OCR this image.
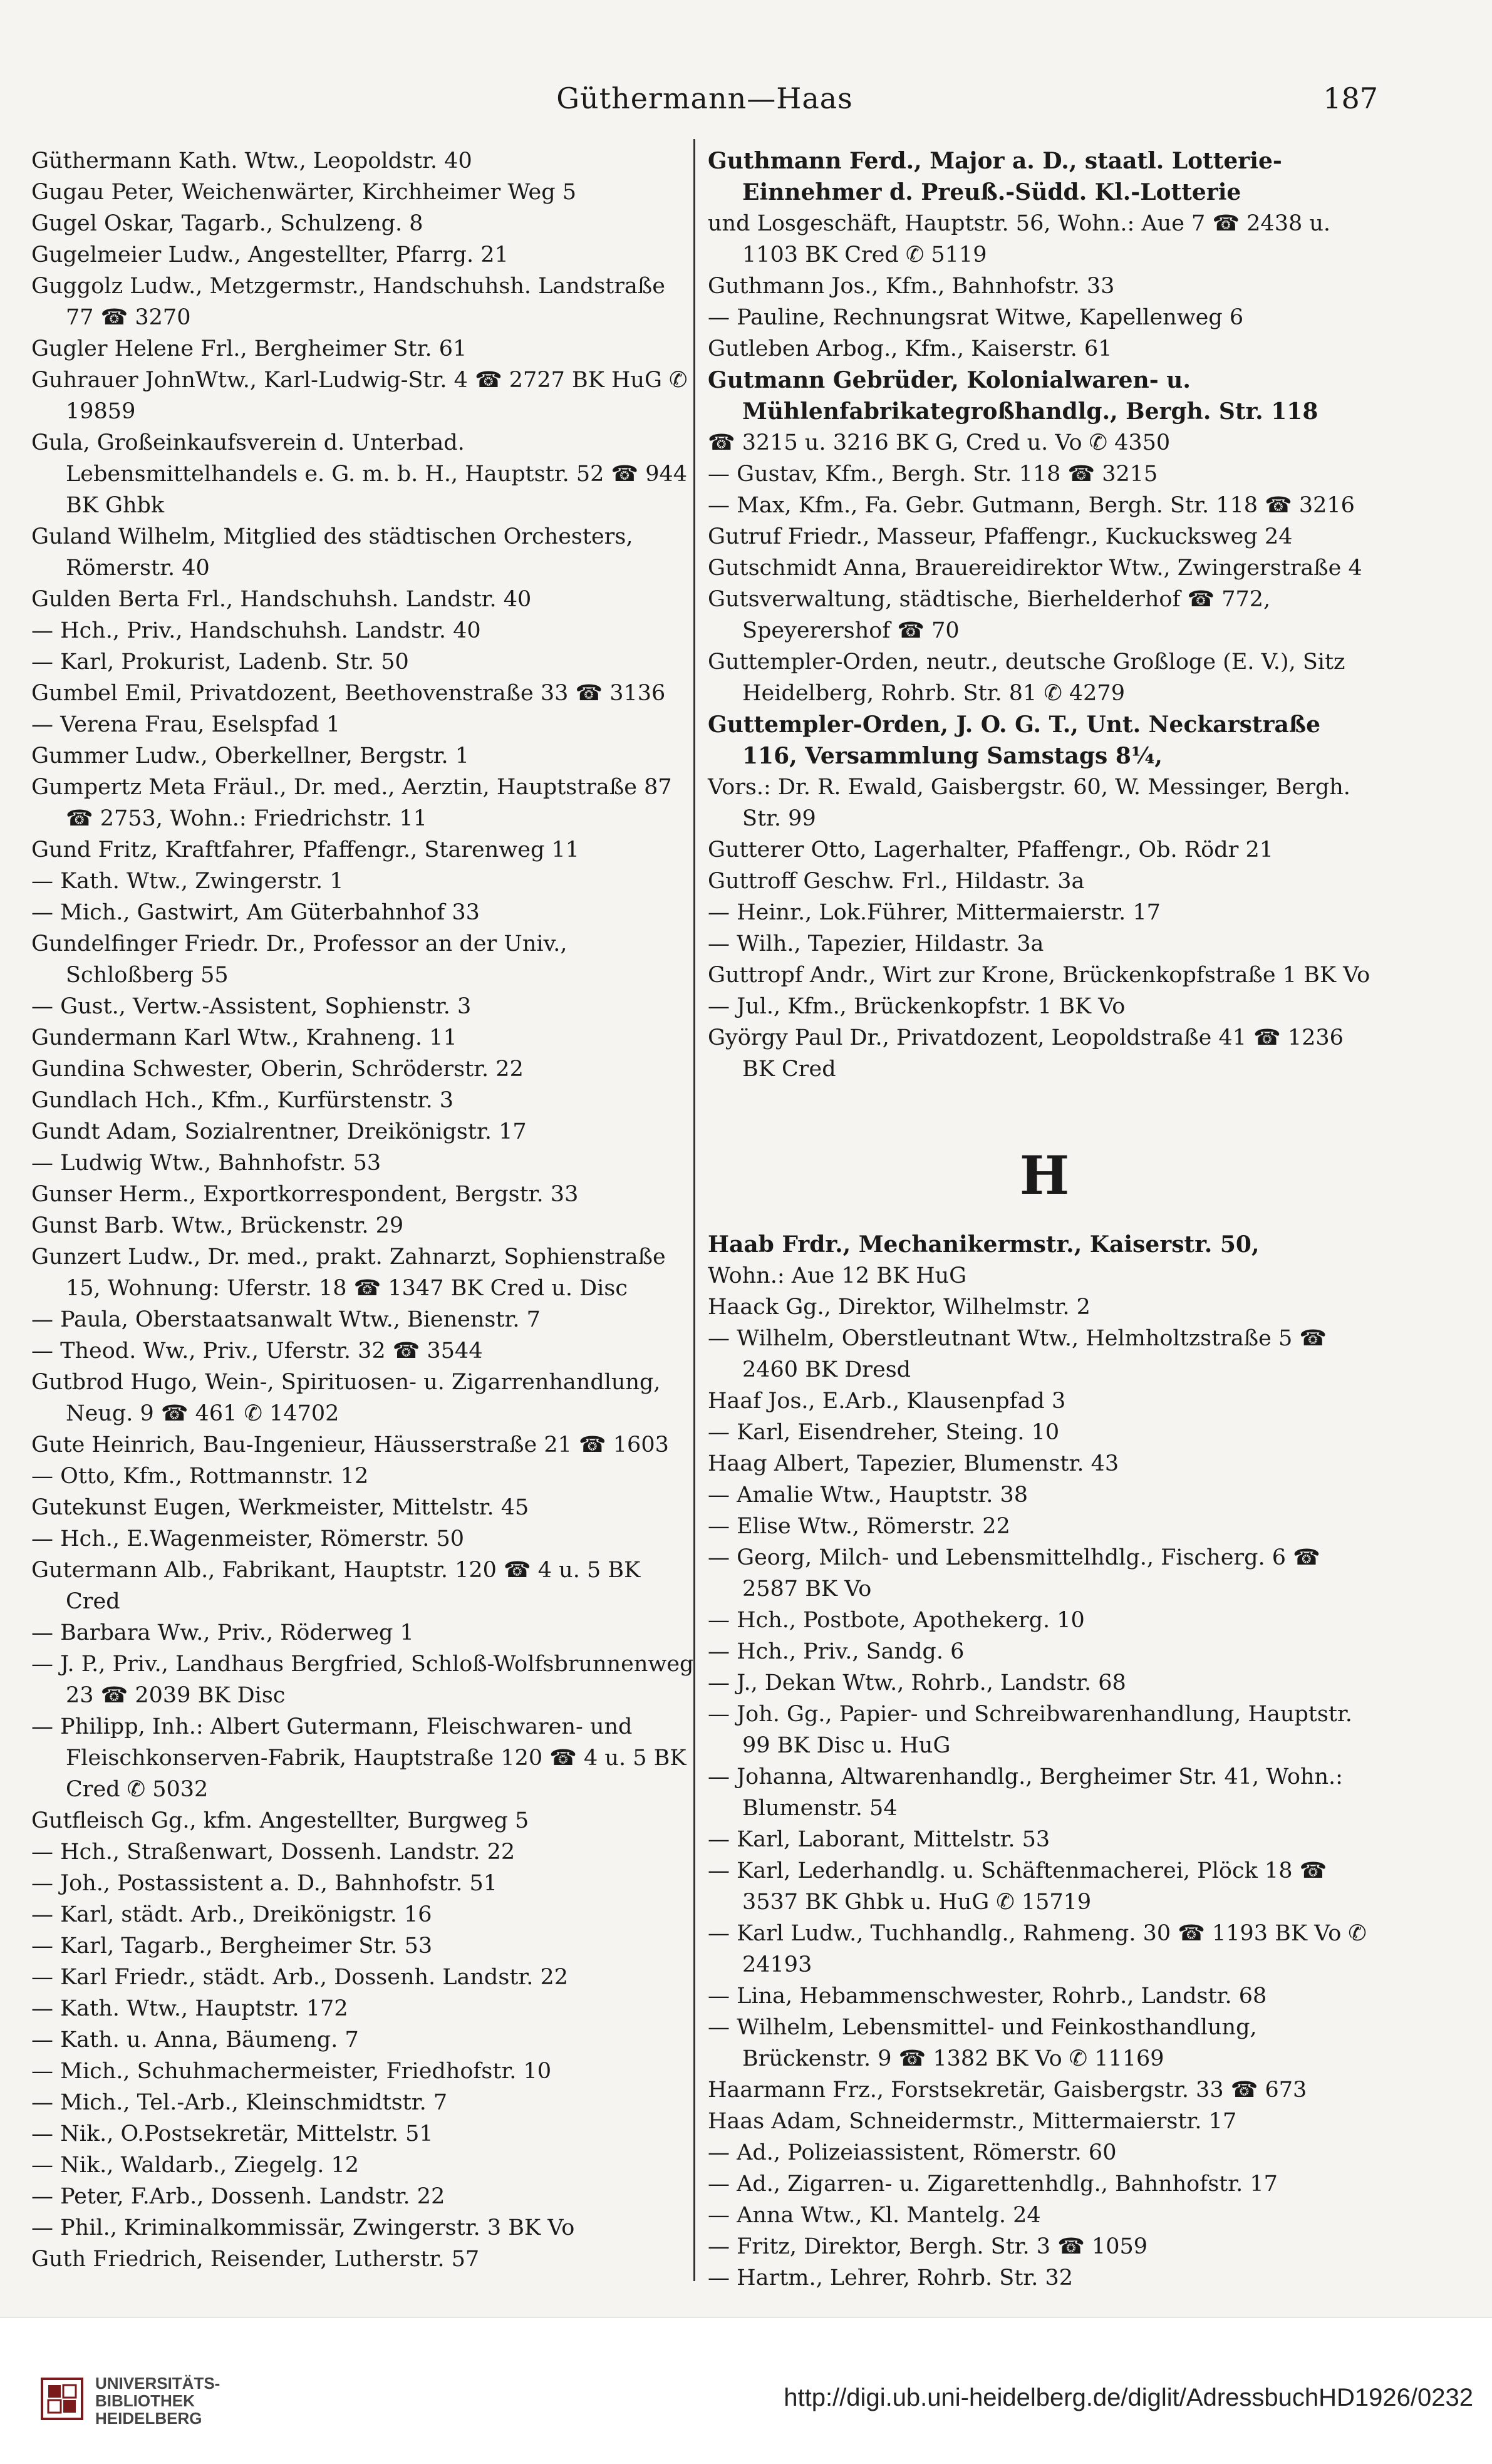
Güthermann—Haas	187
Güthermann Kath. Wtw., Leopoldstr. 40
Gugau Peter, Weichenwärter, Kirchheimer Weg 5
Gugel Oskar, Tagarb., Schulzeng. 8
Gugelmeier Ludw., Angestellter, Pfarrg. 21
Guggolz Ludw., Metzgermstr., Handschuhsh. Landstraße 77 ☎ 3270
Gugler Helene Frl., Bergheimer Str. 61
Guhrauer JohnWtw., Karl-Ludwig-Str. 4 ☎ 2727 BK HuG ✆ 19859
Gula, Großeinkaufsverein d. Unterbad. Lebensmittelhandels e. G. m. b. H., Hauptstr. 52 ☎ 944 BK Ghbk
Guland Wilhelm, Mitglied des städtischen Orchesters, Römerstr. 40
Gulden Berta Frl., Handschuhsh. Landstr. 40
— Hch., Priv., Handschuhsh. Landstr. 40
— Karl, Prokurist, Ladenb. Str. 50
Gumbel Emil, Privatdozent, Beethovenstraße 33 ☎ 3136
— Verena Frau, Eselspfad 1
Gummer Ludw., Oberkellner, Bergstr. 1
Gumpertz Meta Fräul., Dr. med., Aerztin, Hauptstraße 87 ☎ 2753, Wohn.: Friedrichstr. 11
Gund Fritz, Kraftfahrer, Pfaffengr., Starenweg 11
— Kath. Wtw., Zwingerstr. 1
— Mich., Gastwirt, Am Güterbahnhof 33
Gundelfinger Friedr. Dr., Professor an der Univ., Schloßberg 55
— Gust., Vertw.-Assistent, Sophienstr. 3
Gundermann Karl Wtw., Krahneng. 11
Gundina Schwester, Oberin, Schröderstr. 22
Gundlach Hch., Kfm., Kurfürstenstr. 3
Gundt Adam, Sozialrentner, Dreikönigstr. 17
— Ludwig Wtw., Bahnhofstr. 53
Gunser Herm., Exportkorrespondent, Bergstr. 33
Gunst Barb. Wtw., Brückenstr. 29
Gunzert Ludw., Dr. med., prakt. Zahnarzt, Sophienstraße 15, Wohnung: Uferstr. 18 ☎ 1347 BK Cred u. Disc
— Paula, Oberstaatsanwalt Wtw., Bienenstr. 7
— Theod. Ww., Priv., Uferstr. 32 ☎ 3544
Gutbrod Hugo, Wein-, Spirituosen- u. Zigarrenhandlung, Neug. 9 ☎ 461 ✆ 14702
Gute Heinrich, Bau-Ingenieur, Häusserstraße 21 ☎ 1603
— Otto, Kfm., Rottmannstr. 12
Gutekunst Eugen, Werkmeister, Mittelstr. 45
— Hch., E.Wagenmeister, Römerstr. 50
Gutermann Alb., Fabrikant, Hauptstr. 120 ☎ 4 u. 5 BK Cred
— Barbara Ww., Priv., Röderweg 1
— J. P., Priv., Landhaus Bergfried, Schloß-Wolfsbrunnenweg 23 ☎ 2039 BK Disc
— Philipp, Inh.: Albert Gutermann, Fleischwaren- und Fleischkonserven-Fabrik, Hauptstraße 120 ☎ 4 u. 5 BK Cred ✆ 5032
Gutfleisch Gg., kfm. Angestellter, Burgweg 5
— Hch., Straßenwart, Dossenh. Landstr. 22
— Joh., Postassistent a. D., Bahnhofstr. 51
— Karl, städt. Arb., Dreikönigstr. 16
— Karl, Tagarb., Bergheimer Str. 53
— Karl Friedr., städt. Arb., Dossenh. Landstr. 22
— Kath. Wtw., Hauptstr. 172
— Kath. u. Anna, Bäumeng. 7
— Mich., Schuhmachermeister, Friedhofstr. 10
— Mich., Tel.-Arb., Kleinschmidtstr. 7
— Nik., O.Postsekretär, Mittelstr. 51
— Nik., Waldarb., Ziegelg. 12
— Peter, F.Arb., Dossenh. Landstr. 22
— Phil., Kriminalkommissär, Zwingerstr. 3 BK Vo
Guth Friedrich, Reisender, Lutherstr. 57
Guthmann Ferd., Major a. D., staatl. Lotterie-Einnehmer d. Preuß.-Südd. Kl.-Lotterie
und Losgeschäft, Hauptstr. 56, Wohn.: Aue 7 ☎ 2438 u. 1103 BK Cred ✆ 5119
Guthmann Jos., Kfm., Bahnhofstr. 33
— Pauline, Rechnungsrat Witwe, Kapellenweg 6
Gutleben Arbog., Kfm., Kaiserstr. 61
Gutmann Gebrüder, Kolonialwaren- u. Mühlenfabrikategroßhandlg., Bergh. Str. 118
☎ 3215 u. 3216 BK G, Cred u. Vo ✆ 4350
— Gustav, Kfm., Bergh. Str. 118 ☎ 3215
— Max, Kfm., Fa. Gebr. Gutmann, Bergh. Str. 118 ☎ 3216
Gutruf Friedr., Masseur, Pfaffengr., Kuckucksweg 24
Gutschmidt Anna, Brauereidirektor Wtw., Zwingerstraße 4
Gutsverwaltung, städtische, Bierhelderhof ☎ 772, Speyerershof ☎ 70
Guttempler-Orden, neutr., deutsche Großloge (E. V.), Sitz Heidelberg, Rohrb. Str. 81 ✆ 4279
Guttempler-Orden, J. O. G. T., Unt. Neckarstraße 116, Versammlung Samstags 8¼,
Vors.: Dr. R. Ewald, Gaisbergstr. 60, W. Messinger, Bergh. Str. 99
Gutterer Otto, Lagerhalter, Pfaffengr., Ob. Rödr 21
Guttroff Geschw. Frl., Hildastr. 3a
— Heinr., Lok.Führer, Mittermaierstr. 17
— Wilh., Tapezier, Hildastr. 3a
Guttropf Andr., Wirt zur Krone, Brückenkopfstraße 1 BK Vo
— Jul., Kfm., Brückenkopfstr. 1 BK Vo
György Paul Dr., Privatdozent, Leopoldstraße 41 ☎ 1236 BK Cred
H
Haab Frdr., Mechanikermstr., Kaiserstr. 50,
Wohn.: Aue 12 BK HuG
Haack Gg., Direktor, Wilhelmstr. 2
— Wilhelm, Oberstleutnant Wtw., Helmholtzstraße 5 ☎ 2460 BK Dresd
Haaf Jos., E.Arb., Klausenpfad 3
— Karl, Eisendreher, Steing. 10
Haag Albert, Tapezier, Blumenstr. 43
— Amalie Wtw., Hauptstr. 38
— Elise Wtw., Römerstr. 22
— Georg, Milch- und Lebensmittelhdlg., Fischerg. 6 ☎ 2587 BK Vo
— Hch., Postbote, Apothekerg. 10
— Hch., Priv., Sandg. 6
— J., Dekan Wtw., Rohrb., Landstr. 68
— Joh. Gg., Papier- und Schreibwarenhandlung, Hauptstr. 99 BK Disc u. HuG
— Johanna, Altwarenhandlg., Bergheimer Str. 41, Wohn.: Blumenstr. 54
— Karl, Laborant, Mittelstr. 53
— Karl, Lederhandlg. u. Schäftenmacherei, Plöck 18 ☎ 3537 BK Ghbk u. HuG ✆ 15719
— Karl Ludw., Tuchhandlg., Rahmeng. 30 ☎ 1193 BK Vo ✆ 24193
— Lina, Hebammenschwester, Rohrb., Landstr. 68
— Wilhelm, Lebensmittel- und Feinkosthandlung, Brückenstr. 9 ☎ 1382 BK Vo ✆ 11169
Haarmann Frz., Forstsekretär, Gaisbergstr. 33 ☎ 673
Haas Adam, Schneidermstr., Mittermaierstr. 17
— Ad., Polizeiassistent, Römerstr. 60
— Ad., Zigarren- u. Zigarettenhdlg., Bahnhofstr. 17
— Anna Wtw., Kl. Mantelg. 24
— Fritz, Direktor, Bergh. Str. 3 ☎ 1059
— Hartm., Lehrer, Rohrb. Str. 32
UNIVERSITÄTS-
BIBLIOTHEK
HEIDELBERG
http://digi.ub.uni-heidelberg.de/diglit/AdressbuchHD1926/0232
